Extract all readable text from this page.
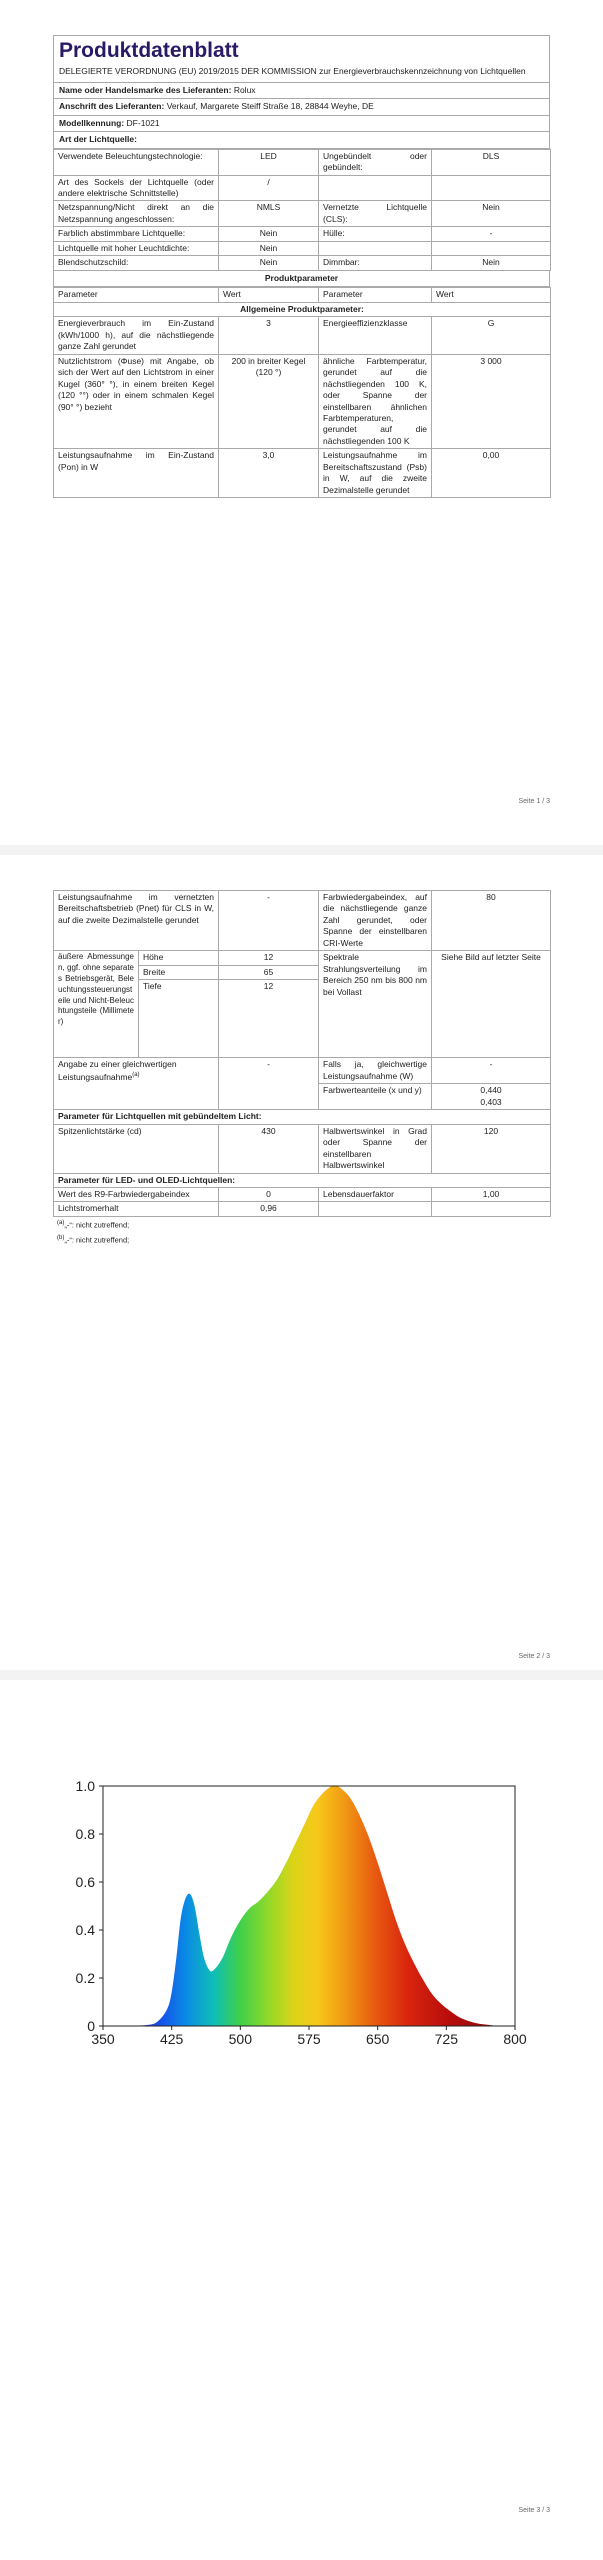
Produktdatenblatt
DELEGIERTE VERORDNUNG (EU) 2019/2015 DER KOMMISSION zur Energieverbrauchskennzeichnung von Lichtquellen
Name oder Handelsmarke des Lieferanten: Rolux
Anschrift des Lieferanten: Verkauf, Margarete Steiff Straße 18, 28844 Weyhe, DE
Modellkennung: DF-1021
Art der Lichtquelle:
Verwendete Beleuchtungstechnologie:	LED	Ungebündelt oder gebündelt:	DLS
Art des Sockels der Lichtquelle (oder andere elektrische Schnittstelle)	/		
Netzspannung/Nicht direkt an die Netzspannung angeschlossen:	NMLS	Vernetzte Lichtquelle (CLS):	Nein
Farblich abstimmbare Lichtquelle:	Nein	Hülle:	-
Lichtquelle mit hoher Leuchtdichte:	Nein		
Blendschutzschild:	Nein	Dimmbar:	Nein
Produktparameter
Parameter	Wert	Parameter	Wert
Allgemeine Produktparameter:			
Energieverbrauch im Ein-Zustand (kWh/1000 h), auf die nächstliegende ganze Zahl gerundet	3	Energieeffizienzklasse	G
Nutzlichtstrom (Φuse) mit Angabe, ob sich der Wert auf den Lichtstrom in einer Kugel (360° °), in einem breiten Kegel (120 °°) oder in einem schmalen Kegel (90° °) bezieht	200 in breiter Kegel (120 °)	ähnliche Farbtemperatur, gerundet auf die nächstliegenden 100 K, oder Spanne der einstellbaren ähnlichen Farbtemperaturen, gerundet auf die nächstliegenden 100 K	3 000
Leistungsaufnahme im Ein-Zustand (Pon) in W	3,0	Leistungsaufnahme im Bereitschaftszustand (Psb) in W, auf die zweite Dezimalstelle gerundet	0,00
Seite 1 / 3
Leistungsaufnahme im vernetzten Bereitschaftsbetrieb (Pnet) für CLS in W, auf die zweite Dezimalstelle gerundet		-	Farbwiedergabeindex, auf die nächstliegende ganze Zahl gerundet, oder Spanne der einstellbaren CRI-Werte	80
äußere Abmessungen, ggf. ohne separates Betriebsgerät, Beleuchtungssteuerungsteile und Nicht-Beleuchtungsteile (Millimeter)	Höhe	12	Spektrale Strahlungsverteilung im Bereich 250 nm bis 800 nm bei Vollast	Siehe Bild auf letzter Seite
	Breite	65		
	Tiefe	12		
Angabe zu einer gleichwertigen Leistungsaufnahme$^{(a)}$		-	Falls ja, gleichwertige Leistungsaufnahme (W)	-
			Farbwerteanteile (x und y)	0,440
0,403

Parameter für Lichtquellen mit gebündeltem Licht:				
Spitzenlichtstärke (cd)		430	Halbwertswinkel in Grad oder Spanne der einstellbaren Halbwertswinkel	120
Parameter für LED- und OLED-Lichtquellen:				
Wert des R9-Farbwiedergabeindex		0	Lebensdauerfaktor	1,00
Lichtstromerhalt		0,96		
$^{(a)}$„-“: nicht zutreffend;
$^{(b)}$„-“: nicht zutreffend;
Seite 2 / 3
350	425	500	575	650	725	800
0
0.2
0.4
0.6
0.8
1.0
Seite 3 / 3
